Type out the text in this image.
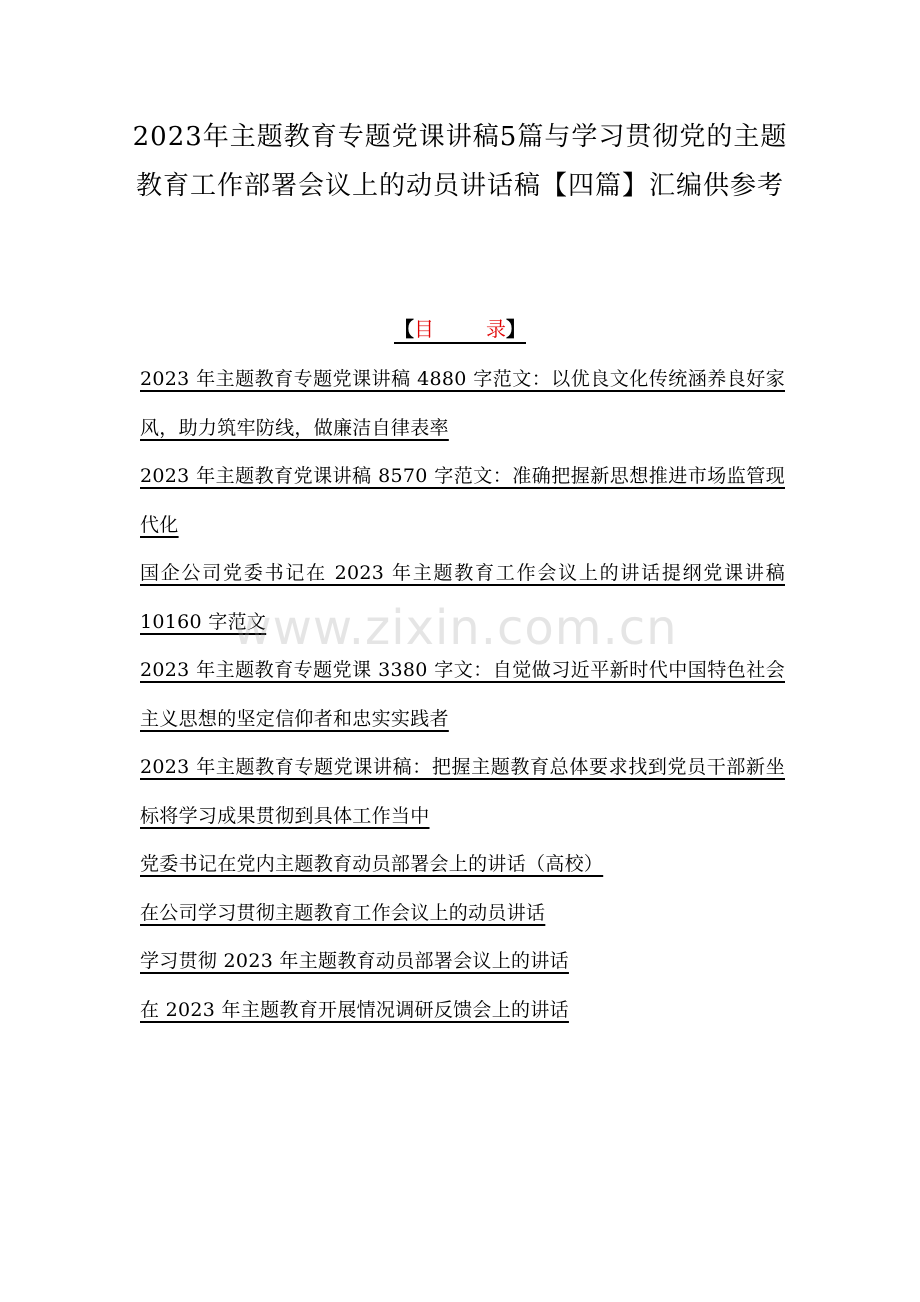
2023年主题教育专题党课讲稿5篇与学习贯彻党的主题教育工作部署会议上的动员讲话稿【四篇】汇编供参考
【目	录】
2023 年主题教育专题党课讲稿 4880 字范文：以优良文化传统涵养良好家风，助力筑牢防线，做廉洁自律表率
2023 年主题教育党课讲稿 8570 字范文：准确把握新思想推进市场监管现代化
国企公司党委书记在 2023 年主题教育工作会议上的讲话提纲党课讲稿 10160 字范文
2023 年主题教育专题党课 3380 字文：自觉做习近平新时代中国特色社会主义思想的坚定信仰者和忠实实践者
2023 年主题教育专题党课讲稿：把握主题教育总体要求找到党员干部新坐标将学习成果贯彻到具体工作当中
党委书记在党内主题教育动员部署会上的讲话（高校）
在公司学习贯彻主题教育工作会议上的动员讲话
学习贯彻 2023 年主题教育动员部署会议上的讲话
在 2023 年主题教育开展情况调研反馈会上的讲话
www.zixin.com.cn
